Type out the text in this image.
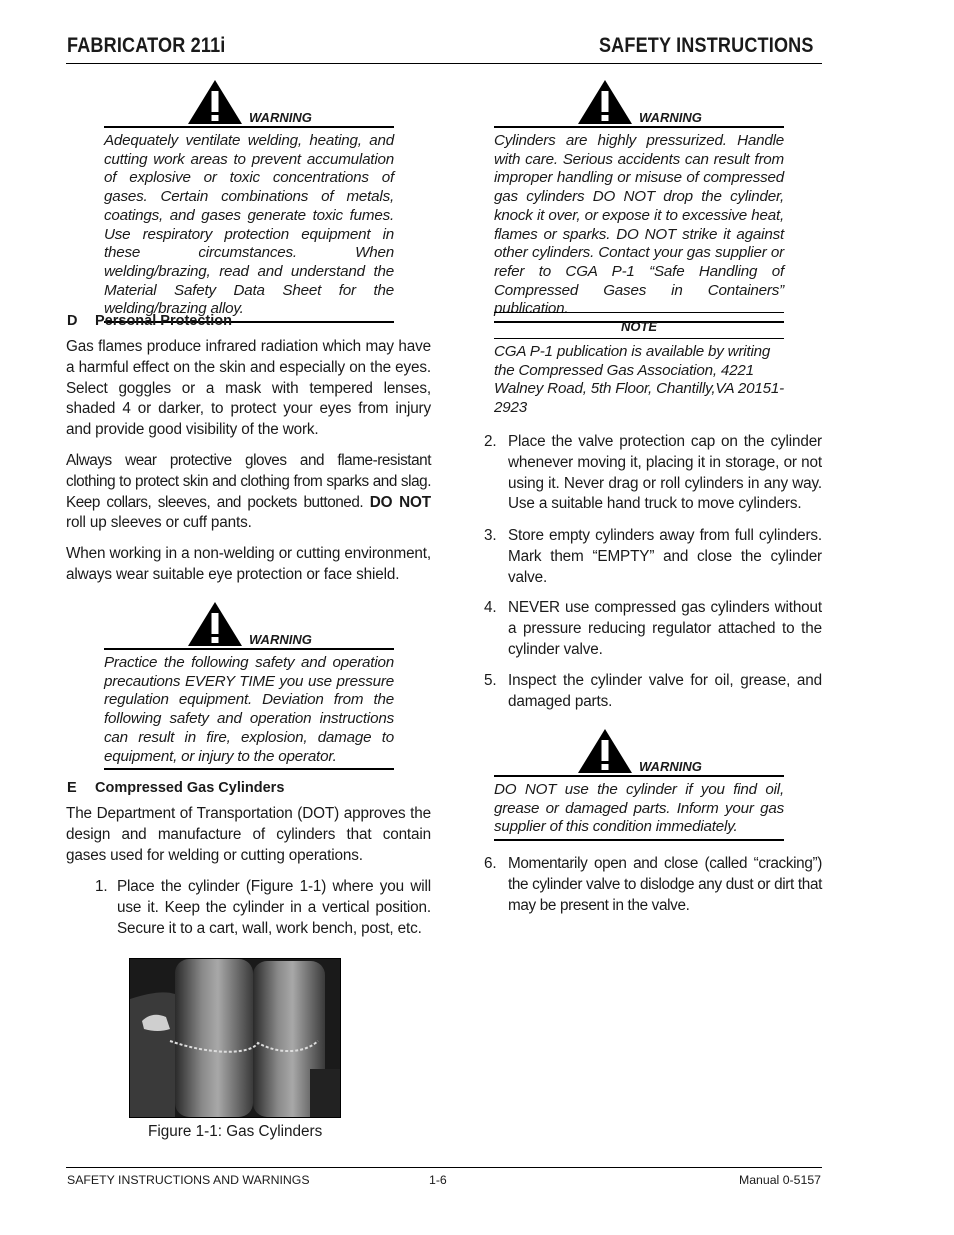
FABRICATOR 211i	SAFETY INSTRUCTIONS
WARNING
Adequately ventilate welding, heating, and cutting work areas to prevent accumulation of explosive or toxic concentrations of gases. Certain combinations of metals, coatings, and gases generate toxic fumes. Use respiratory protection equipment in these circumstances. When welding/brazing, read and understand the Material Safety Data Sheet for the welding/brazing alloy.
D Personal Protection

Gas flames produce infrared radiation which may have a harmful effect on the skin and especially on the eyes. Select goggles or a mask with tempered lenses, shaded 4 or darker, to protect your eyes from injury and provide good visibility of the work.

Always wear protective gloves and flame-resistant clothing to protect skin and clothing from sparks and slag. Keep collars, sleeves, and pockets buttoned. DO NOT roll up sleeves or cuff pants.

When working in a non-welding or cutting environment, always wear suitable eye protection or face shield.

WARNING
Practice the following safety and operation precautions EVERY TIME you use pressure regulation equipment. Deviation from the following safety and operation instructions can result in fire, explosion, damage to equipment, or injury to the operator.
E Compressed Gas Cylinders

The Department of Transportation (DOT) approves the design and manufacture of cylinders that contain gases used for welding or cutting operations.

1. Place the cylinder (Figure 1-1) where you will use it. Keep the cylinder in a vertical position. Secure it to a cart, wall, work bench, post, etc.
Figure 1-1: Gas Cylinders
WARNING
Cylinders are highly pressurized. Handle with care. Serious accidents can result from improper handling or misuse of compressed gas cylinders DO NOT drop the cylinder, knock it over, or expose it to excessive heat, flames or sparks. DO NOT strike it against other cylinders. Contact your gas supplier or refer to CGA P-1 “Safe Handling of Compressed Gases in Containers” publication.
NOTE
CGA P-1 publication is available by writing the Compressed Gas Association, 4221 Walney Road, 5th Floor, Chantilly,VA 20151-2923
2. Place the valve protection cap on the cylinder whenever moving it, placing it in storage, or not using it. Never drag or roll cylinders in any way. Use a suitable hand truck to move cylinders.
3. Store empty cylinders away from full cylinders. Mark them “EMPTY” and close the cylinder valve.
4. NEVER use compressed gas cylinders without a pressure reducing regulator attached to the cylinder valve.
5. Inspect the cylinder valve for oil, grease, and damaged parts.
WARNING
DO NOT use the cylinder if you find oil, grease or damaged parts. Inform your gas supplier of this condition immediately.
6. Momentarily open and close (called “cracking”) the cylinder valve to dislodge any dust or dirt that may be present in the valve.
SAFETY INSTRUCTIONS AND WARNINGS	1-6	Manual 0-5157
